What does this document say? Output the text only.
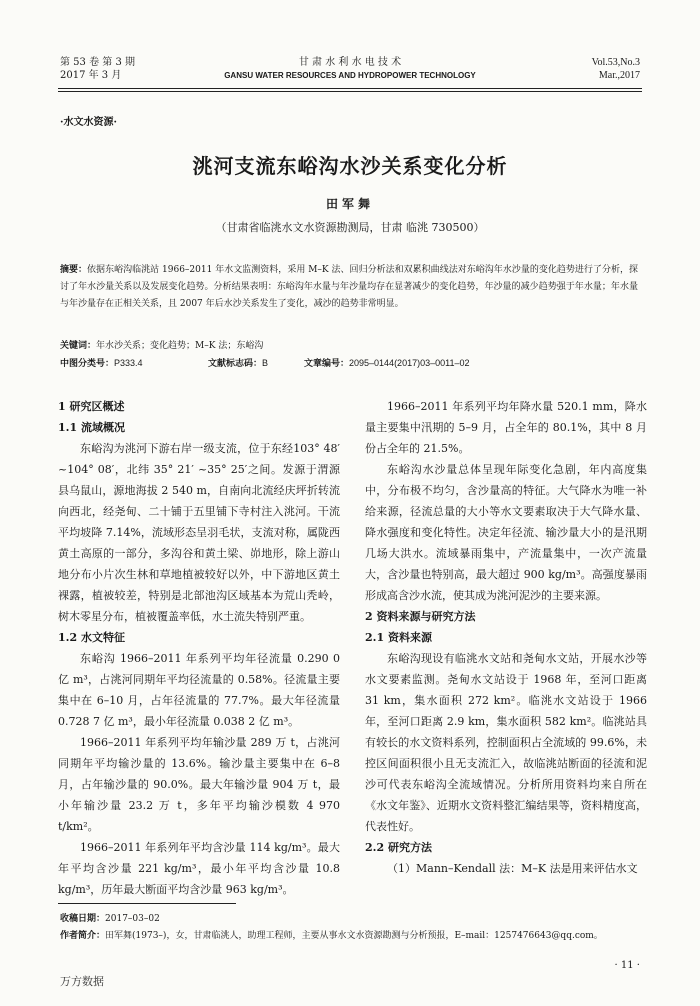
第 53 卷 第 3 期
2017 年 3 月
甘 肃 水 利 水 电 技 术
GANSU WATER RESOURCES AND HYDROPOWER TECHNOLOGY
Vol.53,No.3
Mar.,2017
·水文水资源·
洮河支流东峪沟水沙关系变化分析
田军舞
（甘肃省临洮水文水资源勘测局，甘肃 临洮 730500）
摘要：依据东峪沟临洮站 1966–2011 年水文监测资料，采用 M–K 法、回归分析法和双累积曲线法对东峪沟年水沙量的变化趋势进行了分析，探讨了年水沙量关系以及发展变化趋势。分析结果表明：东峪沟年水量与年沙量均存在显著减少的变化趋势，年沙量的减少趋势强于年水量；年水量与年沙量存在正相关关系，且 2007 年后水沙关系发生了变化，减沙的趋势非常明显。
关键词：年水沙关系；变化趋势；M–K 法；东峪沟
中图分类号：P333.4	文献标志码：B	文章编号：2095–0144(2017)03–0011–02
1 研究区概述
1.1 流域概况

东峪沟为洮河下游右岸一级支流，位于东经103° 48′ ~104° 08′，北纬 35° 21′ ~35° 25′之间。发源于渭源县乌鼠山，源地海拔 2 540 m，自南向北流经庆坪折转流向西北，经尧甸、二十铺于五里铺下寺村注入洮河。干流平均坡降 7.14%，流域形态呈羽毛状，支流对称，属陇西黄土高原的一部分，多沟谷和黄土梁、峁地形，除上游山地分布小片次生林和草地植被较好以外，中下游地区黄土裸露，植被较差，特别是北部池沟区域基本为荒山秃岭，树木零星分布，植被覆盖率低，水土流失特别严重。

1.2 水文特征

东峪沟 1966–2011 年系列平均年径流量 0.290 0 亿 m³，占洮河同期年平均径流量的 0.58%。径流量主要集中在 6–10 月，占年径流量的 77.7%。最大年径流量 0.728 7 亿 m³，最小年径流量 0.038 2 亿 m³。

1966–2011 年系列平均年输沙量 289 万 t，占洮河同期年平均输沙量的 13.6%。输沙量主要集中在 6–8 月，占年输沙量的 90.0%。最大年输沙量 904 万 t，最小年输沙量 23.2 万 t，多年平均输沙模数 4 970 t/km²。

1966–2011 年系列年平均含沙量 114 kg/m³。最大年平均含沙量 221 kg/m³，最小年平均含沙量 10.8 kg/m³，历年最大断面平均含沙量 963 kg/m³。

1966–2011 年系列平均年降水量 520.1 mm，降水量主要集中汛期的 5–9 月，占全年的 80.1%，其中 8 月份占全年的 21.5%。

东峪沟水沙量总体呈现年际变化急剧，年内高度集中，分布极不均匀，含沙量高的特征。大气降水为唯一补给来源，径流总量的大小等水文要素取决于大气降水量、降水强度和变化特性。决定年径流、输沙量大小的是汛期几场大洪水。流域暴雨集中，产流量集中，一次产流量大，含沙量也特别高，最大超过 900 kg/m³。高强度暴雨形成高含沙水流，使其成为洮河泥沙的主要来源。

2 资料来源与研究方法
2.1 资料来源

东峪沟现设有临洮水文站和尧甸水文站，开展水沙等水文要素监测。尧甸水文站设于 1968 年，至河口距离 31 km，集水面积 272 km²。临洮水文站设于 1966 年，至河口距离 2.9 km，集水面积 582 km²。临洮站具有较长的水文资料系列，控制面积占全流域的 99.6%，未控区间面积很小且无支流汇入，故临洮站断面的径流和泥沙可代表东峪沟全流域情况。分析所用资料均来自所在《水文年鉴》、近期水文资料整汇编结果等，资料精度高，代表性好。

2.2 研究方法

（1）Mann–Kendall 法：M–K 法是用来评估水文

收稿日期：2017–03–02
作者简介：田军舞(1973–)，女，甘肃临洮人，助理工程师，主要从事水文水资源勘测与分析预报，E–mail：1257476643@qq.com。
· 11 ·
万方数据
